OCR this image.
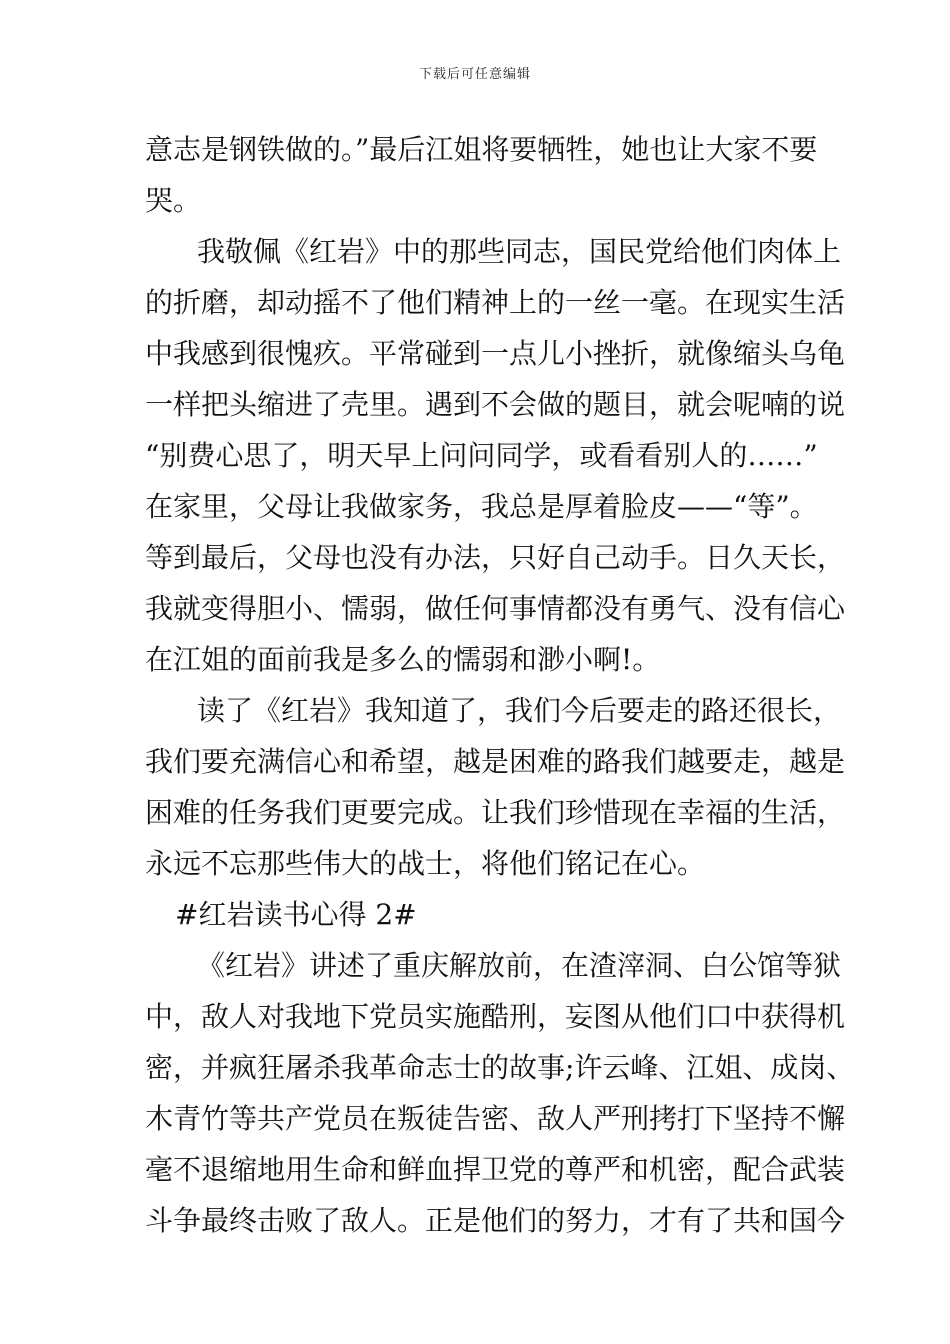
下载后可任意编辑
意志是钢铁做的。”最后江姐将要牺牲，她也让大家不要
哭。
我敬佩《红岩》中的那些同志，国民党给他们肉体上
的折磨，却动摇不了他们精神上的一丝一毫。在现实生活
中我感到很愧疚。平常碰到一点儿小挫折，就像缩头乌龟
一样把头缩进了壳里。遇到不会做的题目，就会呢喃的说
“别费心思了，明天早上问问同学，或看看别人的……”
在家里，父母让我做家务，我总是厚着脸皮——“等”。
等到最后，父母也没有办法，只好自己动手。日久天长，
我就变得胆小、懦弱，做任何事情都没有勇气、没有信心
在江姐的面前我是多么的懦弱和渺小啊!。
读了《红岩》我知道了，我们今后要走的路还很长，
我们要充满信心和希望，越是困难的路我们越要走，越是
困难的任务我们更要完成。让我们珍惜现在幸福的生活，
永远不忘那些伟大的战士，将他们铭记在心。
#红岩读书心得 2#
《红岩》讲述了重庆解放前，在渣滓洞、白公馆等狱
中，敌人对我地下党员实施酷刑，妄图从他们口中获得机
密，并疯狂屠杀我革命志士的故事;许云峰、江姐、成岗、
木青竹等共产党员在叛徒告密、敌人严刑拷打下坚持不懈
毫不退缩地用生命和鲜血捍卫党的尊严和机密，配合武装
斗争最终击败了敌人。正是他们的努力，才有了共和国今
